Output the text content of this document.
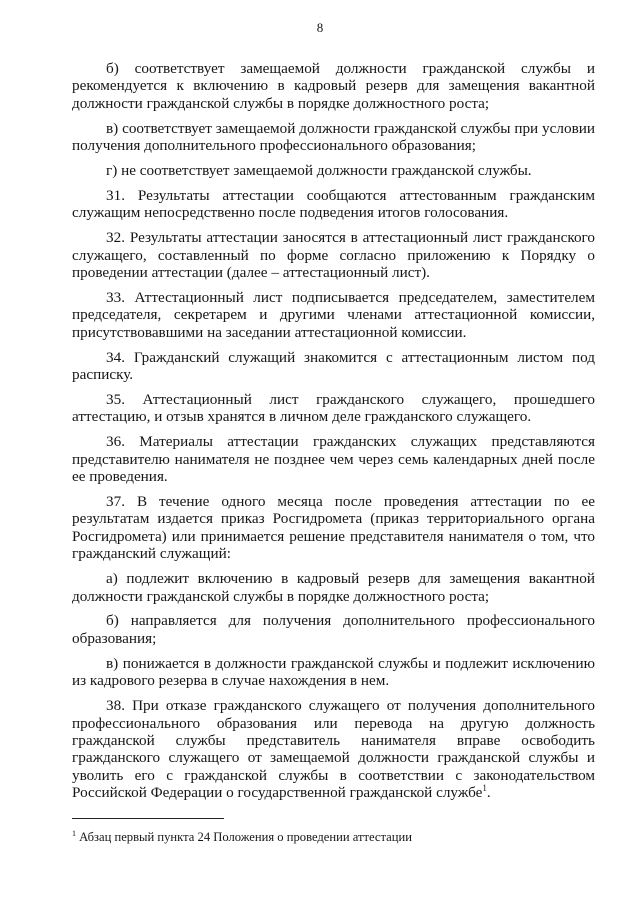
8

б) соответствует замещаемой должности гражданской службы и рекомендуется к включению в кадровый резерв для замещения вакантной должности гражданской службы в порядке должностного роста;

в) соответствует замещаемой должности гражданской службы при условии получения дополнительного профессионального образования;

г) не соответствует замещаемой должности гражданской службы.

31. Результаты аттестации сообщаются аттестованным гражданским служащим непосредственно после подведения итогов голосования.

32. Результаты аттестации заносятся в аттестационный лист гражданского служащего, составленный по форме согласно приложению к Порядку о проведении аттестации (далее – аттестационный лист).

33. Аттестационный лист подписывается председателем, заместителем председателя, секретарем и другими членами аттестационной комиссии, присутствовавшими на заседании аттестационной комиссии.

34. Гражданский служащий знакомится с аттестационным листом под расписку.

35. Аттестационный лист гражданского служащего, прошедшего аттестацию, и отзыв хранятся в личном деле гражданского служащего.

36. Материалы аттестации гражданских служащих представляются представителю нанимателя не позднее чем через семь календарных дней после ее проведения.

37. В течение одного месяца после проведения аттестации по ее результатам издается приказ Росгидромета (приказ территориального органа Росгидромета) или принимается решение представителя нанимателя о том, что гражданский служащий:

а) подлежит включению в кадровый резерв для замещения вакантной должности гражданской службы в порядке должностного роста;

б) направляется для получения дополнительного профессионального образования;

в) понижается в должности гражданской службы и подлежит исключению из кадрового резерва в случае нахождения в нем.

38. При отказе гражданского служащего от получения дополнительного профессионального образования или перевода на другую должность гражданской службы представитель нанимателя вправе освободить гражданского служащего от замещаемой должности гражданской службы и уволить его с гражданской службы в соответствии с законодательством Российской Федерации о государственной гражданской службе$^1$.

$^1$ Абзац первый пункта 24 Положения о проведении аттестации
